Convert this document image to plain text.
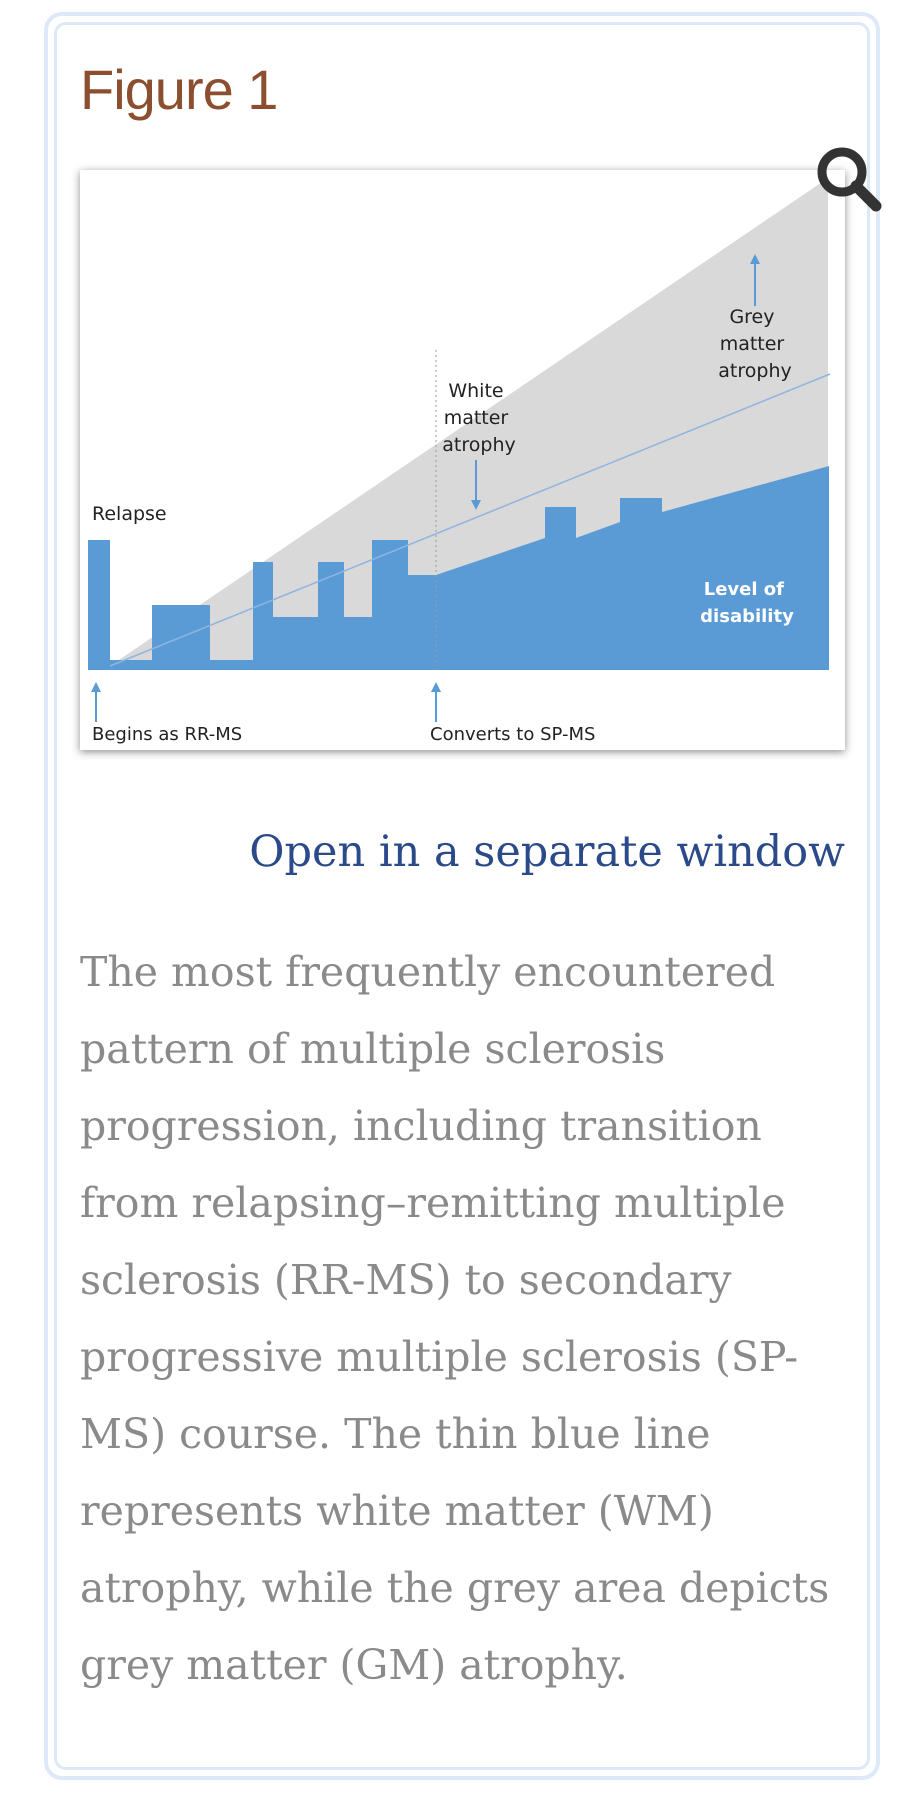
Figure 1
Relapse
White matter atrophy
Grey matter atrophy
Level of disability
Begins as RR-MS	Converts to SP-MS
Open in a separate window

The most frequently encountered pattern of multiple sclerosis progression, including transition from relapsing–remitting multiple sclerosis (RR-MS) to secondary progressive multiple sclerosis (SP-MS) course. The thin blue line represents white matter (WM) atrophy, while the grey area depicts grey matter (GM) atrophy.
